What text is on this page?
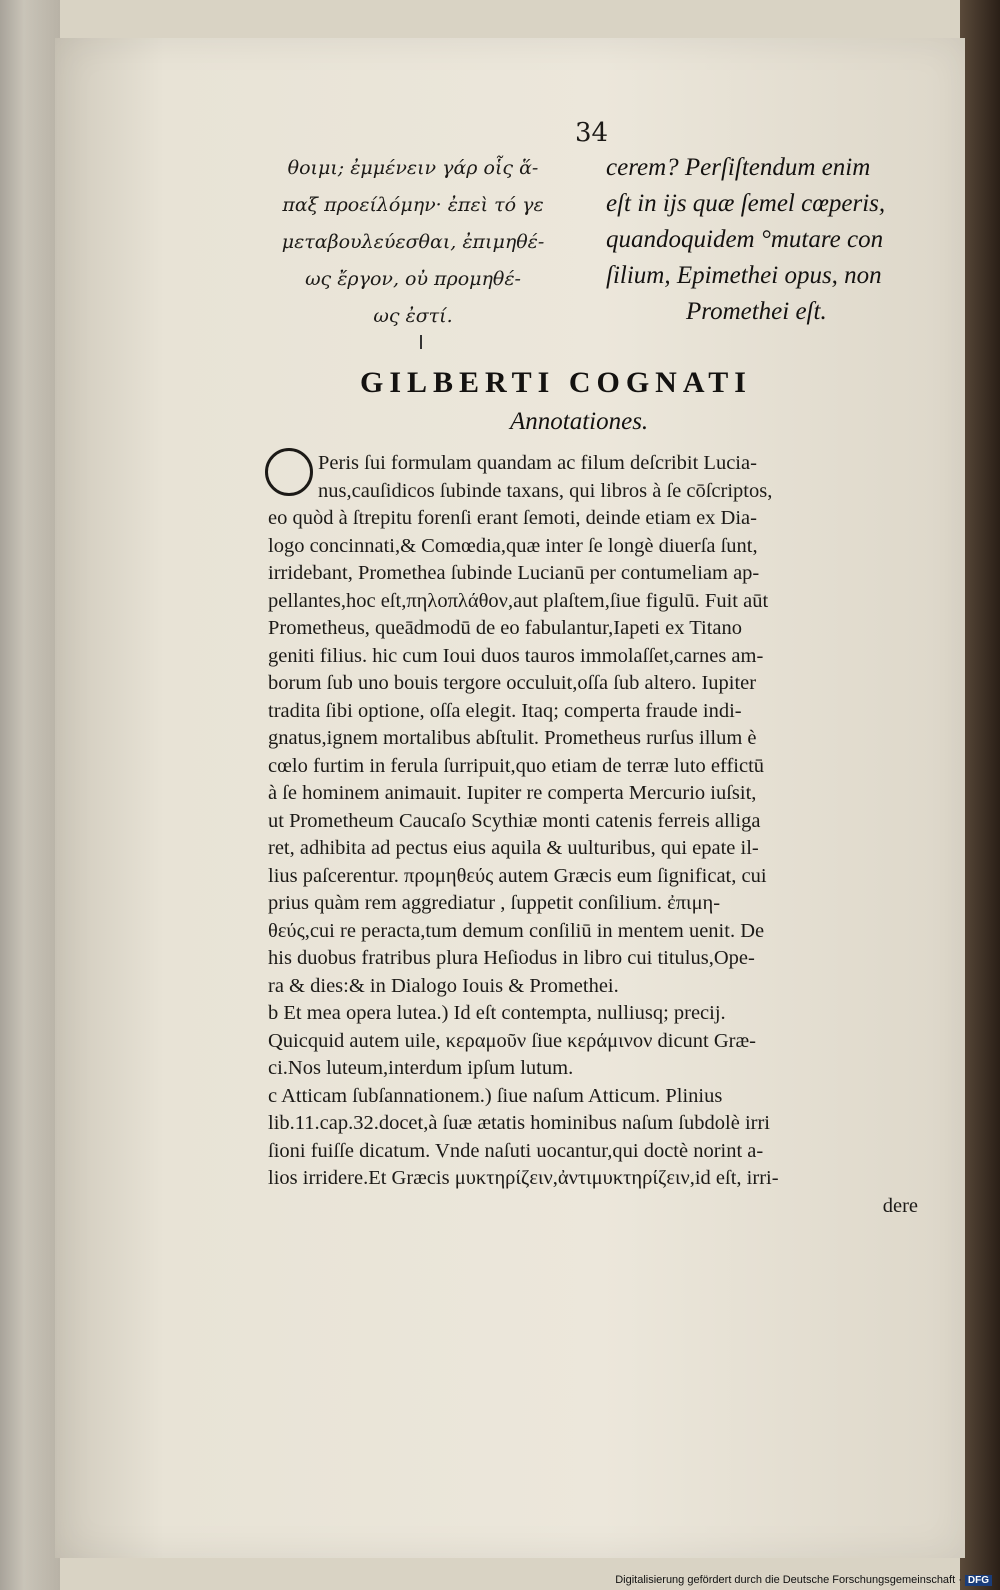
34
θοιμι; ἐμμένειν γάρ οἷς ἅ-
παξ προείλόμην· ἐπεὶ τό γε
μεταβουλεύεσθαι, ἐπιμηθέ-
ως ἔργον, οὐ προμηθέ-
ως ἐστί.
cerem? Perſiſtendum enim
eſt in ijs quæ ſemel cœperis,
quandoquidem °mutare con
ſilium, Epimethei opus, non
Promethei eſt.
GILBERTI COGNATI
Annotationes.
Peris ſui formulam quandam ac filum deſcribit Lucia-
nus,cauſidicos ſubinde taxans, qui libros à ſe cōſcriptos,
eo quòd à ſtrepitu forenſi erant ſemoti, deinde etiam ex Dia-
logo concinnati,& Comœdia,quæ inter ſe longè diuerſa ſunt,
irridebant, Promethea ſubinde Lucianū per contumeliam ap-
pellantes,hoc eſt,πηλοπλάθον,aut plaſtem,ſiue figulū. Fuit aūt
Prometheus, queādmodū de eo fabulantur,Iapeti ex Titano
geniti filius. hic cum Ioui duos tauros immolaſſet,carnes am-
borum ſub uno bouis tergore occuluit,oſſa ſub altero. Iupiter
tradita ſibi optione, oſſa elegit. Itaq; comperta fraude indi-
gnatus,ignem mortalibus abſtulit. Prometheus rurſus illum è
cœlo furtim in ferula ſurripuit,quo etiam de terræ luto effictū
à ſe hominem animauit. Iupiter re comperta Mercurio iuſsit,
ut Prometheum Caucaſo Scythiæ monti catenis ferreis alliga
ret, adhibita ad pectus eius aquila & uulturibus, qui epate il-
lius paſcerentur. προμηθεύς autem Græcis eum ſignificat, cui
prius quàm rem aggrediatur , ſuppetit conſilium. ἐπιμη-
θεύς,cui re peracta,tum demum conſiliū in mentem uenit. De
his duobus fratribus plura Heſiodus in libro cui titulus,Ope-
ra & dies:& in Dialogo Iouis & Promethei.
b Et mea opera lutea.) Id eſt contempta, nulliusq; precij.
Quicquid autem uile, κεραμοῦν ſiue κεράμινον dicunt Græ-
ci.Nos luteum,interdum ipſum lutum.
c Atticam ſubſannationem.) ſiue naſum Atticum. Plinius
lib.11.cap.32.docet,à ſuæ ætatis hominibus naſum ſubdolè irri
ſioni fuiſſe dicatum. Vnde naſuti uocantur,qui doctè norint a-
lios irridere.Et Græcis μυκτηρίζειν,ἀντιμυκτηρίζειν,id eſt, irri-
dere
Digitalisierung gefördert durch die Deutsche Forschungsgemeinschaft · DFG
